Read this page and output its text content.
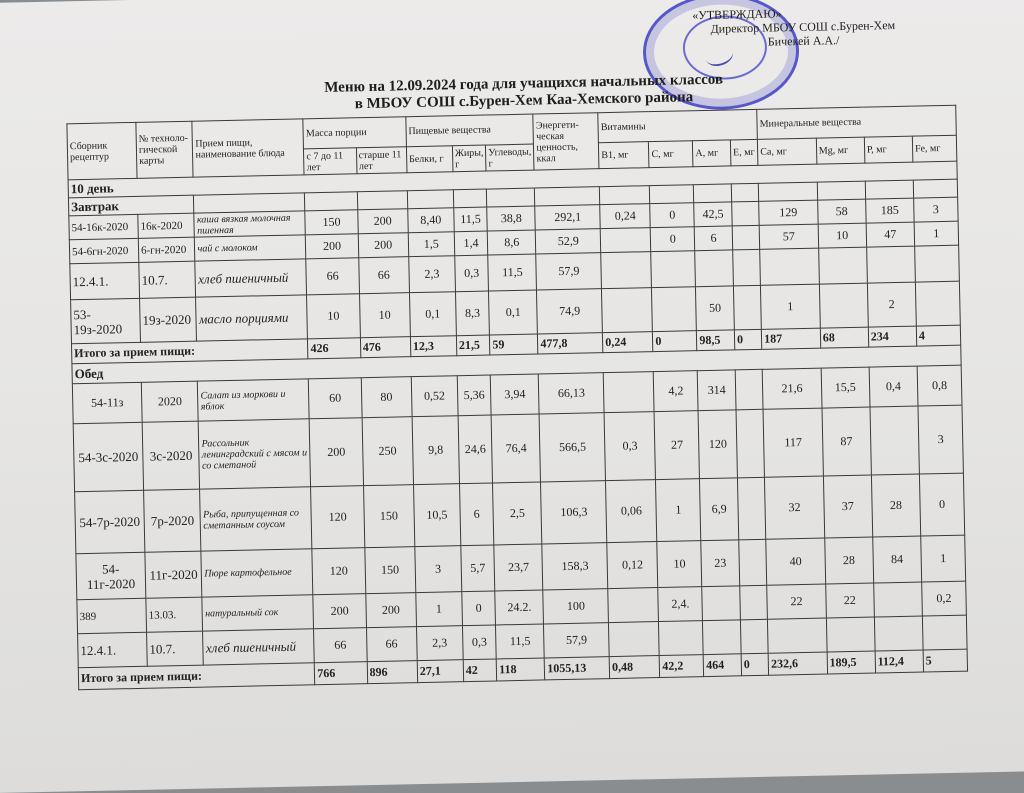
«УТВЕРЖДАЮ»
Директор МБОУ СОШ с.Бурен-Хем
Бичекей А.А./
Меню на 12.09.2024 года для учащихся начальных классов
в МБОУ СОШ с.Бурен-Хем Каа-Хемского района
Сборник рецептур	№ техноло-гической карты	Прием пищи, наименование блюда	Масса порции		Пищевые вещества			Энергети-ческая ценность, ккал	Витамины				Минеральные вещества			
			с 7 до 11 лет	старше 11 лет	Белки, г	Жиры, г	Углеводы, г		В1, мг	С, мг	А, мг	Е, мг	Са, мг	Mg, мг	Р, мг	Fe, мг
10 день																
Завтрак																
54-16к-2020	16к-2020	каша вязкая молочная пшенная	150	200	8,40	11,5	38,8	292,1	0,24	0	42,5		129	58	185	3
54-6гн-2020	6-гн-2020	чай с молоком	200	200	1,5	1,4	8,6	52,9		0	6		57	10	47	1
12.4.1.	10.7.	хлеб пшеничный	66	66	2,3	0,3	11,5	57,9								
53-19з-2020	19з-2020	масло порциями	10	10	0,1	8,3	0,1	74,9			50		1		2	
Итого за прием пищи:			426	476	12,3	21,5	59	477,8	0,24	0	98,5	0	187	68	234	4
Обед																
54-11з	2020	Салат из моркови и яблок	60	80	0,52	5,36	3,94	66,13		4,2	314		21,6	15,5	0,4	0,8
54-3с-2020	3с-2020	Рассольник ленинградский с мясом и со сметаной	200	250	9,8	24,6	76,4	566,5	0,3	27	120		117	87		3
54-7р-2020	7р-2020	Рыба, припущенная со сметанным соусом	120	150	10,5	6	2,5	106,3	0,06	1	6,9		32	37	28	0
54-11г-2020	11г-2020	Пюре картофельное	120	150	3	5,7	23,7	158,3	0,12	10	23		40	28	84	1
389	13.03.	натуральный сок	200	200	1	0	24.2.	100		2,4.			22	22		0,2
12.4.1.	10.7.	хлеб пшеничный	66	66	2,3	0,3	11,5	57,9								
Итого за прием пищи:			766	896	27,1	42	118	1055,13	0,48	42,2	464	0	232,6	189,5	112,4	5
